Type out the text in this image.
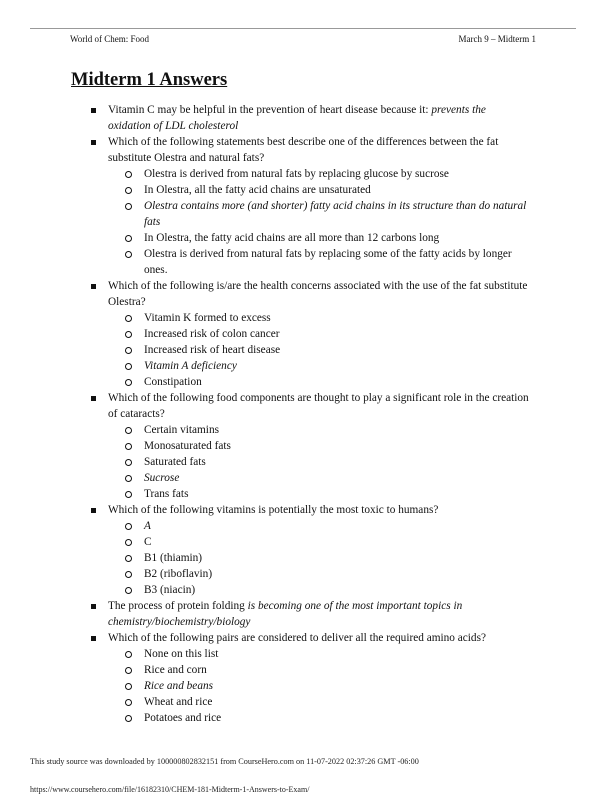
World of Chem: Food	March 9 – Midterm 1
Midterm 1 Answers
Vitamin C may be helpful in the prevention of heart disease because it: prevents the oxidation of LDL cholesterol
Which of the following statements best describe one of the differences between the fat substitute Olestra and natural fats?
Olestra is derived from natural fats by replacing glucose by sucrose
In Olestra, all the fatty acid chains are unsaturated
Olestra contains more (and shorter) fatty acid chains in its structure than do natural fats
In Olestra, the fatty acid chains are all more than 12 carbons long
Olestra is derived from natural fats by replacing some of the fatty acids by longer ones.
Which of the following is/are the health concerns associated with the use of the fat substitute Olestra?
Vitamin K formed to excess
Increased risk of colon cancer
Increased risk of heart disease
Vitamin A deficiency
Constipation
Which of the following food components are thought to play a significant role in the creation of cataracts?
Certain vitamins
Monosaturated fats
Saturated fats
Sucrose
Trans fats
Which of the following vitamins is potentially the most toxic to humans?
A
C
B1 (thiamin)
B2 (riboflavin)
B3 (niacin)
The process of protein folding is becoming one of the most important topics in chemistry/biochemistry/biology
Which of the following pairs are considered to deliver all the required amino acids?
None on this list
Rice and corn
Rice and beans
Wheat and rice
Potatoes and rice
This study source was downloaded by 100000802832151 from CourseHero.com on 11-07-2022 02:37:26 GMT -06:00
https://www.coursehero.com/file/16182310/CHEM-181-Midterm-1-Answers-to-Exam/
